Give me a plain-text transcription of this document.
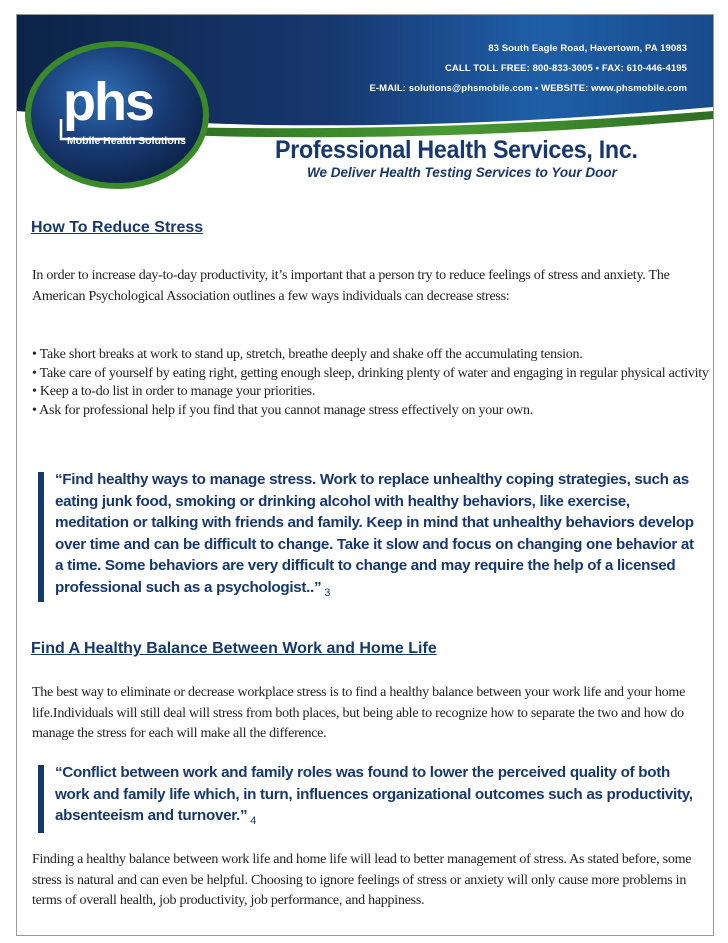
83 South Eagle Road, Havertown, PA 19083
CALL TOLL FREE: 800-833-3005 • FAX: 610-446-4195
E-MAIL: solutions@phsmobile.com • WEBSITE: www.phsmobile.com
phs
Mobile Health Solutions	Professional Health Services, Inc.
We Deliver Health Testing Services to Your Door
How To Reduce Stress

In order to increase day-to-day productivity, it’s important that a person try to reduce feelings of stress and anxiety. The American Psychological Association outlines a few ways individuals can decrease stress:

• Take short breaks at work to stand up, stretch, breathe deeply and shake off the accumulating tension.
• Take care of yourself by eating right, getting enough sleep, drinking plenty of water and engaging in regular physical activity
• Keep a to-do list in order to manage your priorities.
• Ask for professional help if you find that you cannot manage stress effectively on your own.

“Find healthy ways to manage stress. Work to replace unhealthy coping strategies, such as eating junk food, smoking or drinking alcohol with healthy behaviors, like exercise, meditation or talking with friends and family. Keep in mind that unhealthy behaviors develop over time and can be difficult to change. Take it slow and focus on changing one behavior at a time. Some behaviors are very difficult to change and may require the help of a licensed professional such as a psychologist..” $_3$

Find A Healthy Balance Between Work and Home Life

The best way to eliminate or decrease workplace stress is to find a healthy balance between your work life and your home life.Individuals will still deal will stress from both places, but being able to recognize how to separate the two and how do manage the stress for each will make all the difference.

“Conflict between work and family roles was found to lower the perceived quality of both work and family life which, in turn, influences organizational outcomes such as productivity, absenteeism and turnover.” $_4$

Finding a healthy balance between work life and home life will lead to better management of stress. As stated before, some stress is natural and can even be helpful. Choosing to ignore feelings of stress or anxiety will only cause more problems in terms of overall health, job productivity, job performance, and happiness.
